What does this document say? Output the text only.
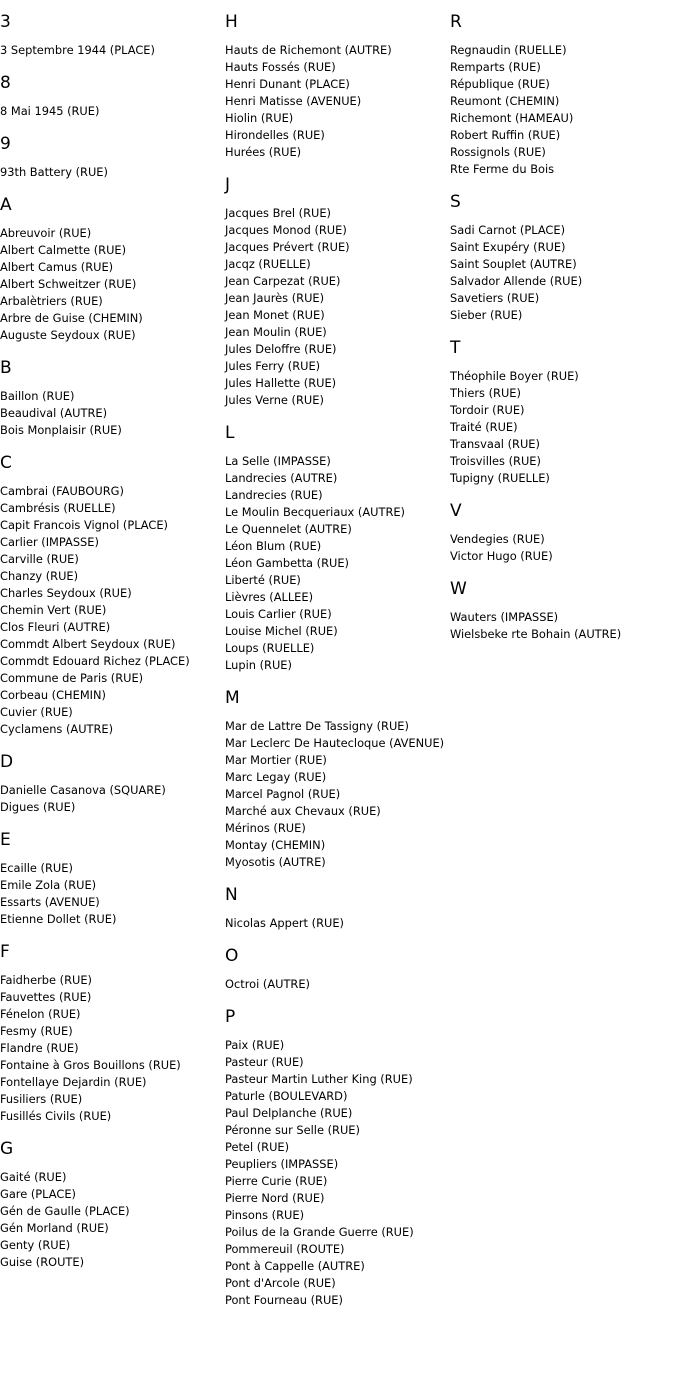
3
3 Septembre 1944 (PLACE)
8
8 Mai 1945 (RUE)
9
93th Battery (RUE)
A
Abreuvoir (RUE)
Albert Calmette (RUE)
Albert Camus (RUE)
Albert Schweitzer (RUE)
Arbalètriers (RUE)
Arbre de Guise (CHEMIN)
Auguste Seydoux (RUE)
B
Baillon (RUE)
Beaudival (AUTRE)
Bois Monplaisir (RUE)
C
Cambrai (FAUBOURG)
Cambrésis (RUELLE)
Capit Francois Vignol (PLACE)
Carlier (IMPASSE)
Carville (RUE)
Chanzy (RUE)
Charles Seydoux (RUE)
Chemin Vert (RUE)
Clos Fleuri (AUTRE)
Commdt Albert Seydoux (RUE)
Commdt Edouard Richez (PLACE)
Commune de Paris (RUE)
Corbeau (CHEMIN)
Cuvier (RUE)
Cyclamens (AUTRE)
D
Danielle Casanova (SQUARE)
Digues (RUE)
E
Ecaille (RUE)
Emile Zola (RUE)
Essarts (AVENUE)
Etienne Dollet (RUE)
F
Faidherbe (RUE)
Fauvettes (RUE)
Fénelon (RUE)
Fesmy (RUE)
Flandre (RUE)
Fontaine à Gros Bouillons (RUE)
Fontellaye Dejardin (RUE)
Fusiliers (RUE)
Fusillés Civils (RUE)
G
Gaité (RUE)
Gare (PLACE)
Gén de Gaulle (PLACE)
Gén Morland (RUE)
Genty (RUE)
Guise (ROUTE)
H
Hauts de Richemont (AUTRE)
Hauts Fossés (RUE)
Henri Dunant (PLACE)
Henri Matisse (AVENUE)
Hiolin (RUE)
Hirondelles (RUE)
Hurées (RUE)
J
Jacques Brel (RUE)
Jacques Monod (RUE)
Jacques Prévert (RUE)
Jacqz (RUELLE)
Jean Carpezat (RUE)
Jean Jaurès (RUE)
Jean Monet (RUE)
Jean Moulin (RUE)
Jules Deloffre (RUE)
Jules Ferry (RUE)
Jules Hallette (RUE)
Jules Verne (RUE)
L
La Selle (IMPASSE)
Landrecies (AUTRE)
Landrecies (RUE)
Le Moulin Becqueriaux (AUTRE)
Le Quennelet (AUTRE)
Léon Blum (RUE)
Léon Gambetta (RUE)
Liberté (RUE)
Lièvres (ALLEE)
Louis Carlier (RUE)
Louise Michel (RUE)
Loups (RUELLE)
Lupin (RUE)
M
Mar de Lattre De Tassigny (RUE)
Mar Leclerc De Hautecloque (AVENUE)
Mar Mortier (RUE)
Marc Legay (RUE)
Marcel Pagnol (RUE)
Marché aux Chevaux (RUE)
Mérinos (RUE)
Montay (CHEMIN)
Myosotis (AUTRE)
N
Nicolas Appert (RUE)
O
Octroi (AUTRE)
P
Paix (RUE)
Pasteur (RUE)
Pasteur Martin Luther King (RUE)
Paturle (BOULEVARD)
Paul Delplanche (RUE)
Péronne sur Selle (RUE)
Petel (RUE)
Peupliers (IMPASSE)
Pierre Curie (RUE)
Pierre Nord (RUE)
Pinsons (RUE)
Poilus de la Grande Guerre (RUE)
Pommereuil (ROUTE)
Pont à Cappelle (AUTRE)
Pont d'Arcole (RUE)
Pont Fourneau (RUE)
R
Regnaudin (RUELLE)
Remparts (RUE)
République (RUE)
Reumont (CHEMIN)
Richemont (HAMEAU)
Robert Ruffin (RUE)
Rossignols (RUE)
Rte Ferme du Bois
S
Sadi Carnot (PLACE)
Saint Exupéry (RUE)
Saint Souplet (AUTRE)
Salvador Allende (RUE)
Savetiers (RUE)
Sieber (RUE)
T
Théophile Boyer (RUE)
Thiers (RUE)
Tordoir (RUE)
Traité (RUE)
Transvaal (RUE)
Troisvilles (RUE)
Tupigny (RUELLE)
V
Vendegies (RUE)
Victor Hugo (RUE)
W
Wauters (IMPASSE)
Wielsbeke rte Bohain (AUTRE)
